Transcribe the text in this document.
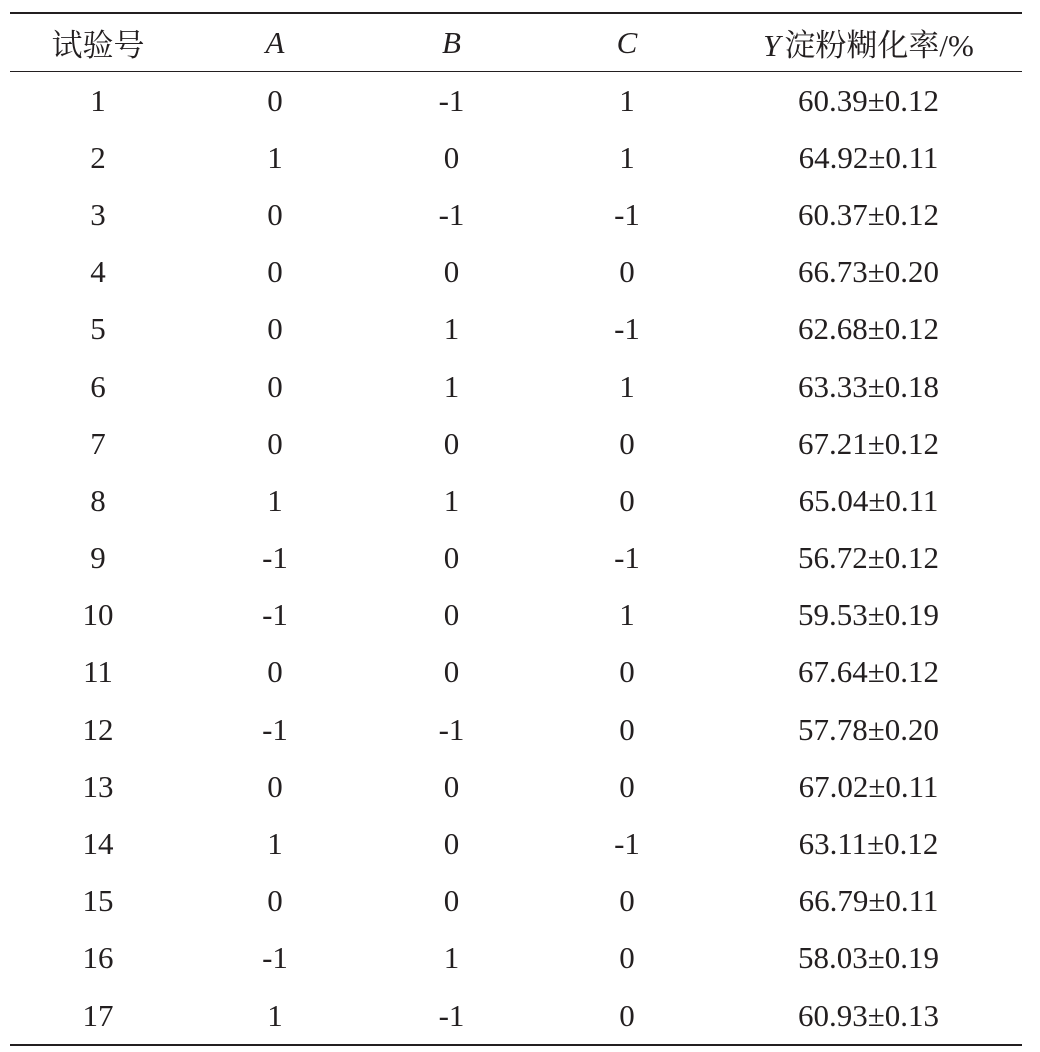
试验号	A	B	C	Y 淀粉糊化率/%
1	0	-1	1	60.39±0.12
2	1	0	1	64.92±0.11
3	0	-1	-1	60.37±0.12
4	0	0	0	66.73±0.20
5	0	1	-1	62.68±0.12
6	0	1	1	63.33±0.18
7	0	0	0	67.21±0.12
8	1	1	0	65.04±0.11
9	-1	0	-1	56.72±0.12
10	-1	0	1	59.53±0.19
11	0	0	0	67.64±0.12
12	-1	-1	0	57.78±0.20
13	0	0	0	67.02±0.11
14	1	0	-1	63.11±0.12
15	0	0	0	66.79±0.11
16	-1	1	0	58.03±0.19
17	1	-1	0	60.93±0.13
